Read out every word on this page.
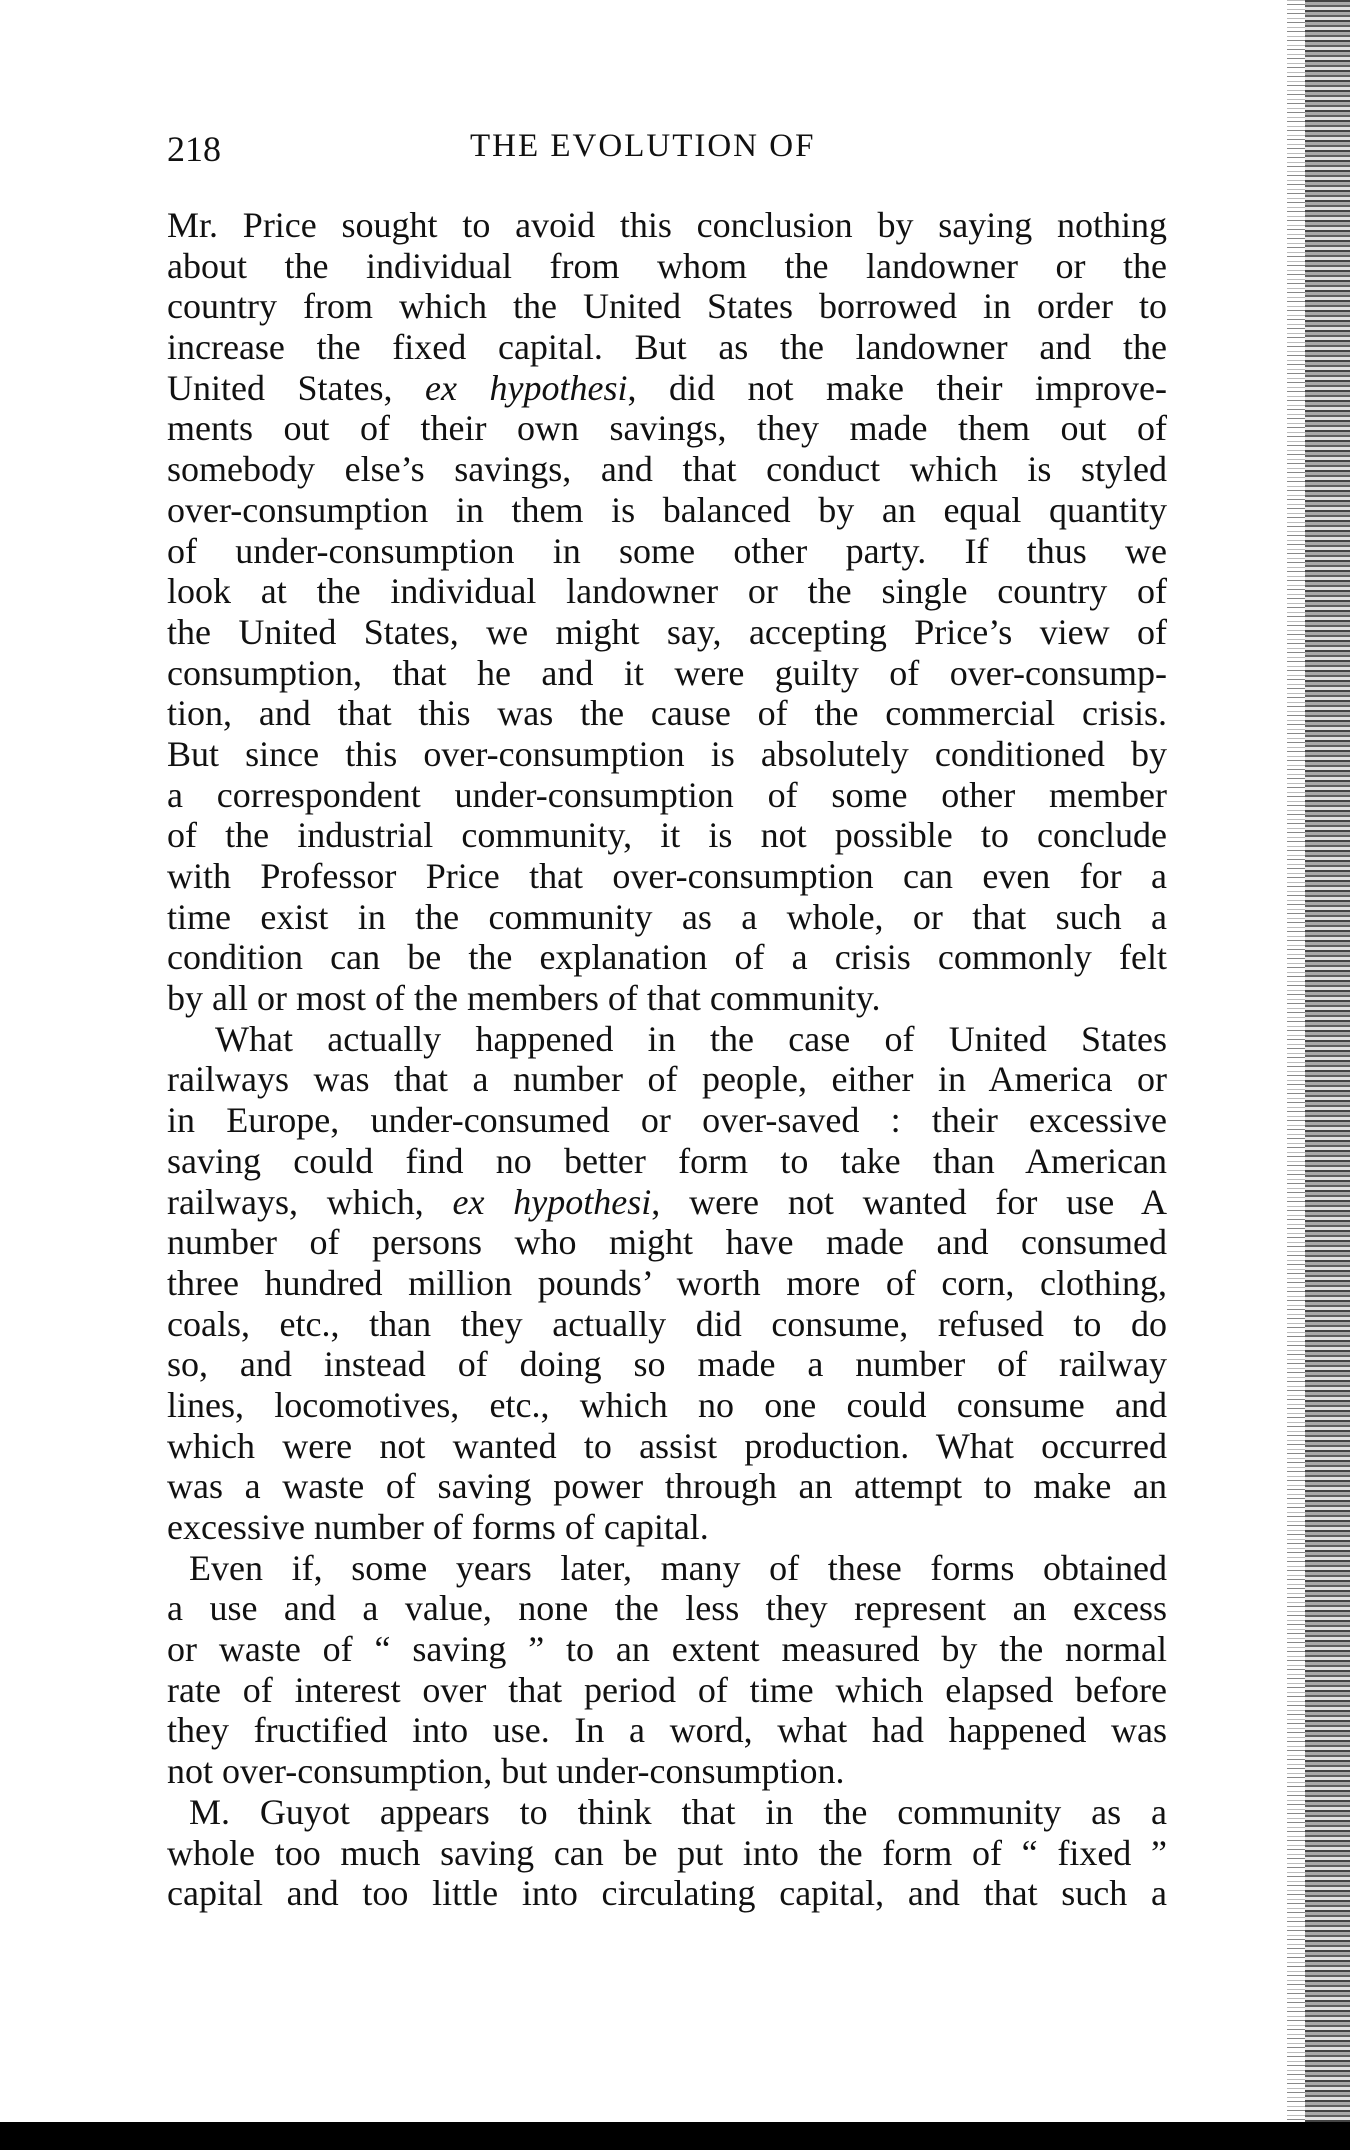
218	THE EVOLUTION OF
Mr. Price sought to avoid this conclusion by saying nothing
about the individual from whom the landowner or the
country from which the United States borrowed in order to
increase the fixed capital. But as the landowner and the
United States, ex hypothesi, did not make their improve-
ments out of their own savings, they made them out of
somebody else’s savings, and that conduct which is styled
over-consumption in them is balanced by an equal quantity
of under-consumption in some other party. If thus we
look at the individual landowner or the single country of
the United States, we might say, accepting Price’s view of
consumption, that he and it were guilty of over-consump-
tion, and that this was the cause of the commercial crisis.
But since this over-consumption is absolutely conditioned by
a correspondent under-consumption of some other member
of the industrial community, it is not possible to conclude
with Professor Price that over-consumption can even for a
time exist in the community as a whole, or that such a
condition can be the explanation of a crisis commonly felt
by all or most of the members of that community.
What actually happened in the case of United States
railways was that a number of people, either in America or
in Europe, under-consumed or over-saved : their excessive
saving could find no better form to take than American
railways, which, ex hypothesi, were not wanted for use A
number of persons who might have made and consumed
three hundred million pounds’ worth more of corn, clothing,
coals, etc., than they actually did consume, refused to do
so, and instead of doing so made a number of railway
lines, locomotives, etc., which no one could consume and
which were not wanted to assist production. What occurred
was a waste of saving power through an attempt to make an
excessive number of forms of capital.
Even if, some years later, many of these forms obtained
a use and a value, none the less they represent an excess
or waste of “ saving ” to an extent measured by the normal
rate of interest over that period of time which elapsed before
they fructified into use. In a word, what had happened was
not over-consumption, but under-consumption.
M. Guyot appears to think that in the community as a
whole too much saving can be put into the form of “ fixed ”
capital and too little into circulating capital, and that such a
